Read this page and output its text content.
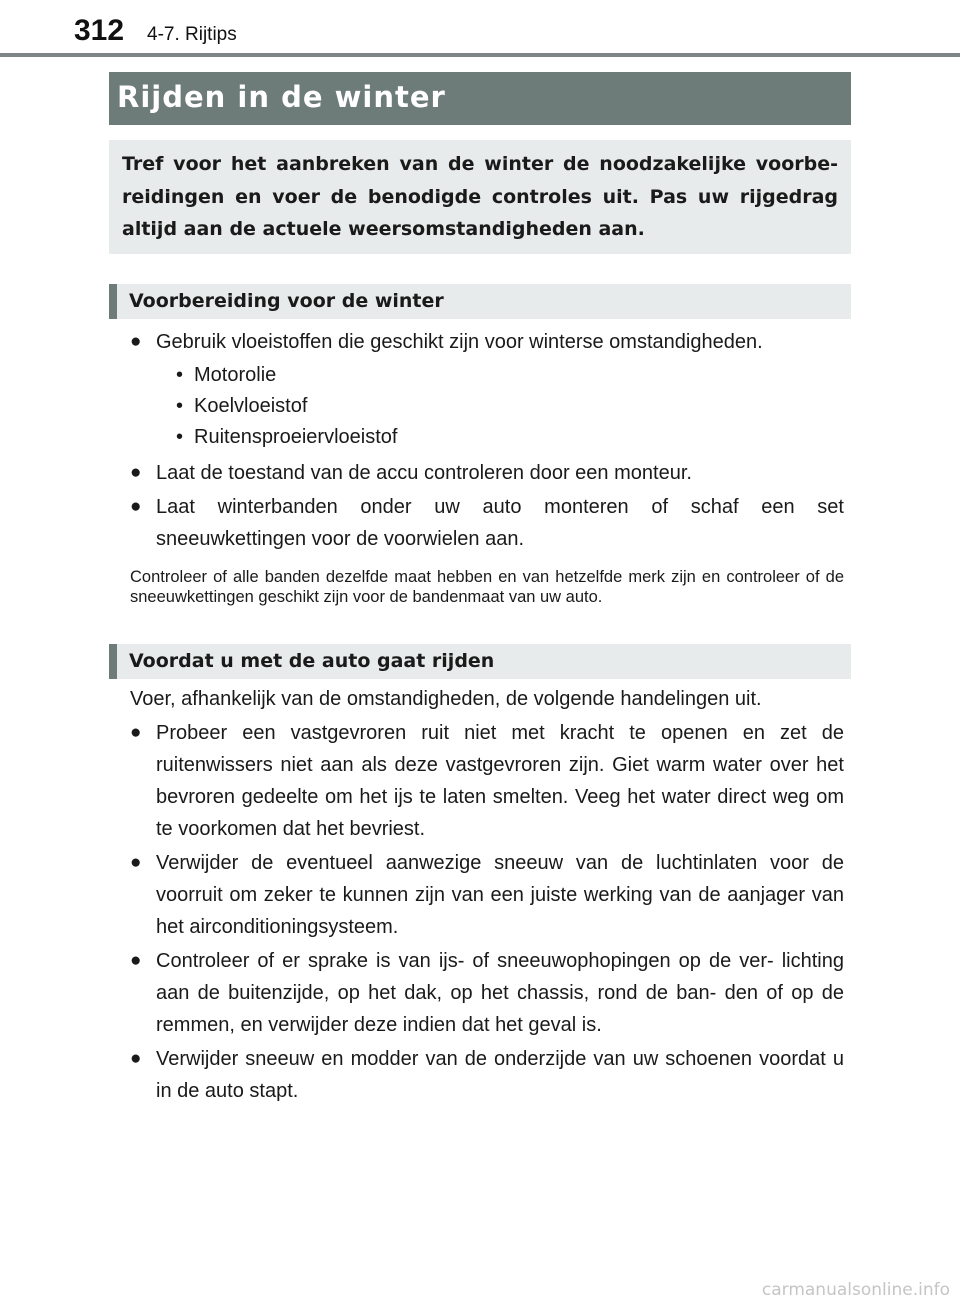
312 4-7. Rijtips
Rijden in de winter
Tref voor het aanbreken van de winter de noodzakelijke voorbe- reidingen en voer de benodigde controles uit. Pas uw rijgedrag altijd aan de actuele weersomstandigheden aan.
Voorbereiding voor de winter
● Gebruik vloeistoffen die geschikt zijn voor winterse omstandigheden.
• Motorolie
• Koelvloeistof
• Ruitensproeiervloeistof
● Laat de toestand van de accu controleren door een monteur.
● Laat winterbanden onder uw auto monteren of schaf een set sneeuwkettingen voor de voorwielen aan.
Controleer of alle banden dezelfde maat hebben en van hetzelfde merk zijn en controleer of de sneeuwkettingen geschikt zijn voor de bandenmaat van uw auto.
Voordat u met de auto gaat rijden
Voer, afhankelijk van de omstandigheden, de volgende handelingen uit.
● Probeer een vastgevroren ruit niet met kracht te openen en zet de ruitenwissers niet aan als deze vastgevroren zijn. Giet warm water over het bevroren gedeelte om het ijs te laten smelten. Veeg het water direct weg om te voorkomen dat het bevriest.
● Verwijder de eventueel aanwezige sneeuw van de luchtinlaten voor de voorruit om zeker te kunnen zijn van een juiste werking van de aanjager van het airconditioningsysteem.
● Controleer of er sprake is van ijs- of sneeuwophopingen op de ver- lichting aan de buitenzijde, op het dak, op het chassis, rond de ban- den of op de remmen, en verwijder deze indien dat het geval is.
● Verwijder sneeuw en modder van de onderzijde van uw schoenen voordat u in de auto stapt.
carmanualsonline.info
